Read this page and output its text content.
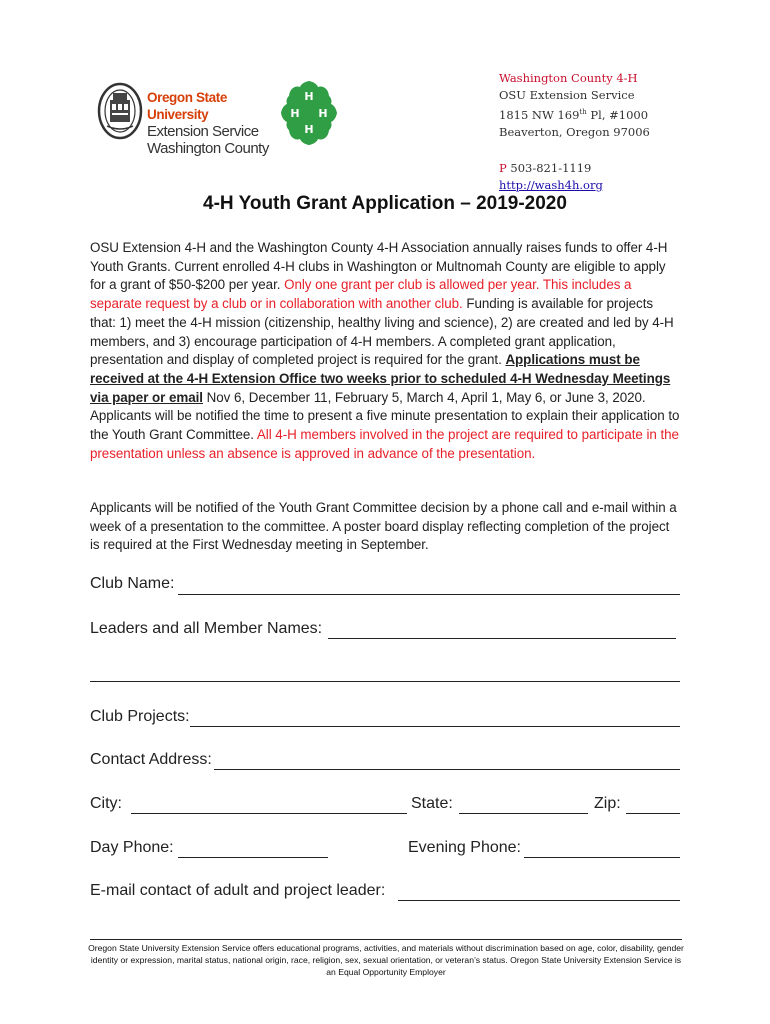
Oregon State University
Extension Service
Washington County
H
H
H
H
Washington County 4-H
OSU Extension Service
1815 NW 169th Pl, #1000
Beaverton, Oregon 97006
P 503-821-1119
http://wash4h.org
4-H Youth Grant Application – 2019-2020
OSU Extension 4-H and the Washington County 4-H Association annually raises funds to offer 4-H Youth Grants. Current enrolled 4-H clubs in Washington or Multnomah County are eligible to apply for a grant of $50-$200 per year. Only one grant per club is allowed per year. This includes a separate request by a club or in collaboration with another club. Funding is available for projects that: 1) meet the 4-H mission (citizenship, healthy living and science), 2) are created and led by 4-H members, and 3) encourage participation of 4-H members. A completed grant application, presentation and display of completed project is required for the grant. Applications must be received at the 4-H Extension Office two weeks prior to scheduled 4-H Wednesday Meetings via paper or email Nov 6, December 11, February 5, March 4, April 1, May 6, or June 3, 2020. Applicants will be notified the time to present a five minute presentation to explain their application to the Youth Grant Committee. All 4-H members involved in the project are required to participate in the presentation unless an absence is approved in advance of the presentation.
Applicants will be notified of the Youth Grant Committee decision by a phone call and e-mail within a week of a presentation to the committee. A poster board display reflecting completion of the project is required at the First Wednesday meeting in September.
Club Name:
Leaders and all Member Names:
Club Projects:
Contact Address:
City:	State:	Zip:
Day Phone:	Evening Phone:
E-mail contact of adult and project leader:
Oregon State University Extension Service offers educational programs, activities, and materials without discrimination based on age, color, disability, gender identity or expression, marital status, national origin, race, religion, sex, sexual orientation, or veteran’s status. Oregon State University Extension Service is an Equal Opportunity Employer
